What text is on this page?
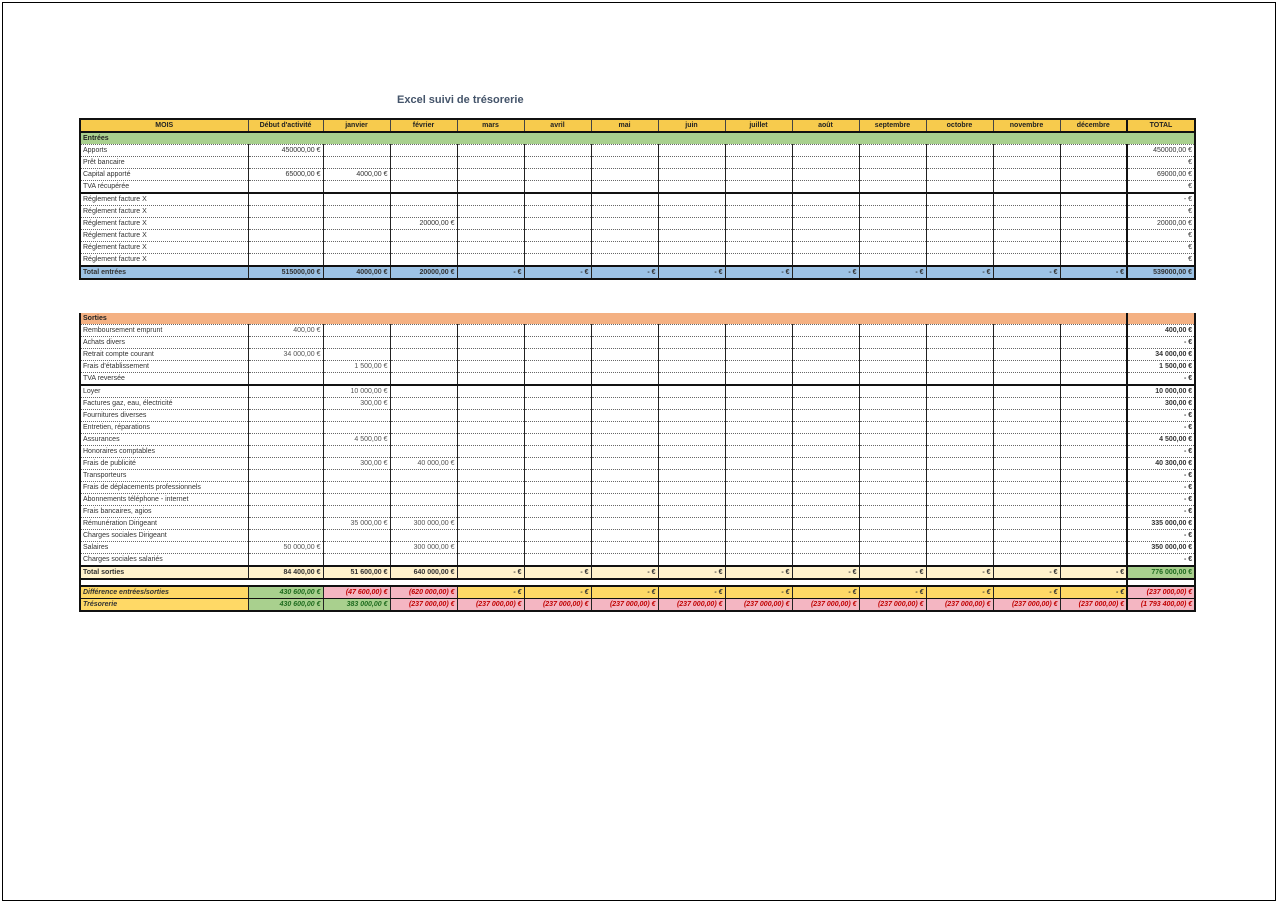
Excel suivi de trésorerie
MOIS	Début d'activité	janvier	février	mars	avril	mai	juin	juillet	août	septembre	octobre	novembre	décembre	TOTAL
Entrées														
Apports	450000,00 €													450000,00 €
Prêt bancaire														€
Capital apporté	65000,00 €	4000,00 €												69000,00 €
TVA récupérée														€
Réglement facture X														- €
Réglement facture X														€
Réglement facture X			20000,00 €											20000,00 €
Réglement facture X														€
Réglement facture X														€
Réglement facture X														€
Total entrées	515000,00 €	4000,00 €	20000,00 €	- €	- €	- €	- €	- €	- €	- €	- €	- €	- €	539000,00 €
Sorties														
Remboursement emprunt	400,00 €													400,00 €
Achats divers														- €
Retrait compte courant	34 000,00 €													34 000,00 €
Frais d'établissement		1 500,00 €												1 500,00 €
TVA reversée														- €
Loyer		10 000,00 €												10 000,00 €
Factures gaz, eau, électricité		300,00 €												300,00 €
Fournitures diverses														- €
Entretien, réparations														- €
Assurances		4 500,00 €												4 500,00 €
Honoraires comptables														- €
Frais de publicité		300,00 €	40 000,00 €											40 300,00 €
Transporteurs														- €
Frais de déplacements professionnels														- €
Abonnements téléphone - internet														- €
Frais bancaires, agios														- €
Rémunération Dirigeant		35 000,00 €	300 000,00 €											335 000,00 €
Charges sociales Dirigeant														- €
Salaires	50 000,00 €		300 000,00 €											350 000,00 €
Charges sociales salariés														- €
Total sorties	84 400,00 €	51 600,00 €	640 000,00 €	- €	- €	- €	- €	- €	- €	- €	- €	- €	- €	776 000,00 €

Différence entrées/sorties	430 600,00 €	(47 600,00) €	(620 000,00) €	- €	- €	- €	- €	- €	- €	- €	- €	- €	- €	(237 000,00) €
Trésorerie	430 600,00 €	383 000,00 €	(237 000,00) €	(237 000,00) €	(237 000,00) €	(237 000,00) €	(237 000,00) €	(237 000,00) €	(237 000,00) €	(237 000,00) €	(237 000,00) €	(237 000,00) €	(237 000,00) €	(1 793 400,00) €
